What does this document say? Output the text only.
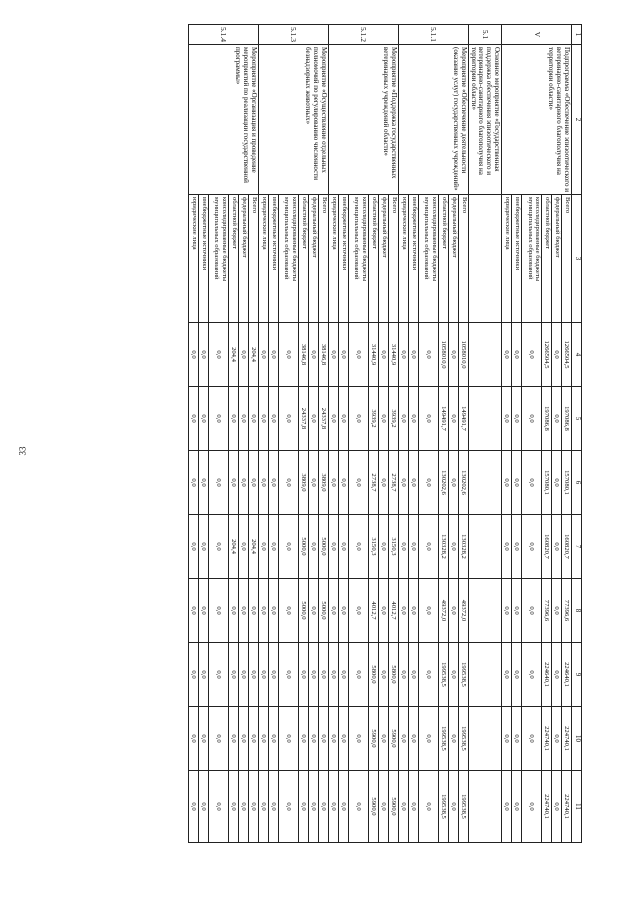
33
1	2	3	4	5	6	7	8	9	10	11
V	Подпрограмма «Обеспечение эпизоотического и ветеринарно-санитарного благополучия на территории области»	Всего	1266504,5	197086,8	157080,1	160820,7	77396,6	224640,1	224740,1	224740,1
		федеральный бюджет	0,0	0,0	0,0	0,0	0,0	0,0	0,0	0,0
		областной бюджет	1266504,5	197086,8	157080,1	160820,7	77396,6	224640,1	224740,1	224740,1
		консолидированные бюджеты муниципальных образований	0,0	0,0	0,0	0,0	0,0	0,0	0,0	0,0
		внебюджетные источники	0,0	0,0	0,0	0,0	0,0	0,0	0,0	0,0
		юридические лица	0,0	0,0	0,0	0,0	0,0	0,0	0,0	0,0
5.1	Основное мероприятие «Государственная поддержка обеспечения эпизоотического и ветеринарно-санитарного благополучия на территории области»									
5.1.1	Мероприятие «Обеспечение деятельности (оказание услуг) государственных учреждений»	Всего	1058010,0	149491,7	130202,6	130328,2	49372,0	199538,5	199538,5	199538,5
		федеральный бюджет	0,0	0,0	0,0	0,0	0,0	0,0	0,0	0,0
		областной бюджет	1058010,0	149491,7	130202,6	130328,2	49372,0	199538,5	199538,5	199538,5
		консолидированные бюджеты муниципальных образований	0,0	0,0	0,0	0,0	0,0	0,0	0,0	0,0
		внебюджетные источники	0,0	0,0	0,0	0,0	0,0	0,0	0,0	0,0
		юридические лица	0,0	0,0	0,0	0,0	0,0	0,0	0,0	0,0
5.1.2	Мероприятие «Поддержка государственных ветеринарных учреждений области»	Всего	31440,9	3939,2	2738,7	3150,3	4012,7	5800,0	5900,0	5900,0
		федеральный бюджет	0,0	0,0	0,0	0,0	0,0	0,0	0,0	0,0
		областной бюджет	31440,9	3939,2	2738,7	3150,3	4012,7	5800,0	5900,0	5900,0
		консолидированные бюджеты муниципальных образований	0,0	0,0	0,0	0,0	0,0	0,0	0,0	0,0
		внебюджетные источники	0,0	0,0	0,0	0,0	0,0	0,0	0,0	0,0
		юридические лица	0,0	0,0	0,0	0,0	0,0	0,0	0,0	0,0
5.1.3	Мероприятие «Осуществление отдельных полномочий по регулированию численности безнадзорных животных»	Всего	38146,8	24337,8	3809,0	5000,0	5000,0	0,0	0,0	0,0
		федеральный бюджет	0,0	0,0	0,0	0,0	0,0	0,0	0,0	0,0
		областной бюджет	38146,8	24337,8	3809,0	5000,0	5000,0	0,0	0,0	0,0
		консолидированные бюджеты муниципальных образований	0,0	0,0	0,0	0,0	0,0	0,0	0,0	0,0
		внебюджетные источники	0,0	0,0	0,0	0,0	0,0	0,0	0,0	0,0
		юридические лица	0,0	0,0	0,0	0,0	0,0	0,0	0,0	0,0
5.1.4	Мероприятие «Организация и проведение мероприятий по реализации государственной программы»	Всего	204,4	0,0	0,0	204,4	0,0	0,0	0,0	0,0
		федеральный бюджет	0,0	0,0	0,0	0,0	0,0	0,0	0,0	0,0
		областной бюджет	204,4	0,0	0,0	204,4	0,0	0,0	0,0	0,0
		консолидированные бюджеты муниципальных образований	0,0	0,0	0,0	0,0	0,0	0,0	0,0	0,0
		внебюджетные источники	0,0	0,0	0,0	0,0	0,0	0,0	0,0	0,0
		юридические лица	0,0	0,0	0,0	0,0	0,0	0,0	0,0	0,0
